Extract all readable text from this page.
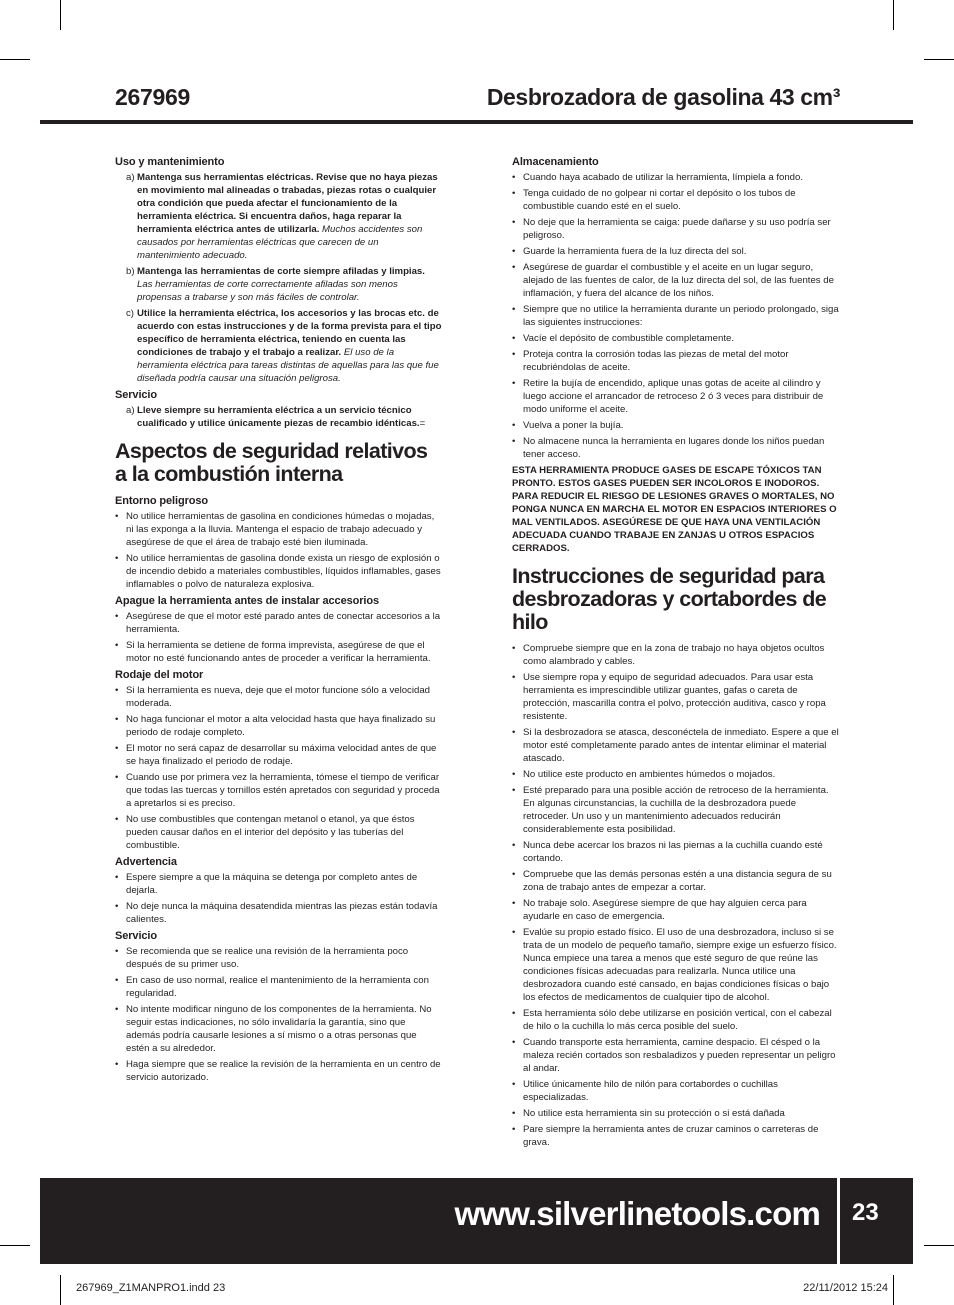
267969	Desbrozadora de gasolina 43 cm³
Uso y mantenimiento
a) Mantenga sus herramientas eléctricas. Revise que no haya piezas en movimiento mal alineadas o trabadas, piezas rotas o cualquier otra condición que pueda afectar el funcionamiento de la herramienta eléctrica. Si encuentra daños, haga reparar la herramienta eléctrica antes de utilizarla. Muchos accidentes son causados por herramientas eléctricas que carecen de un mantenimiento adecuado.
b) Mantenga las herramientas de corte siempre afiladas y limpias. Las herramientas de corte correctamente afiladas son menos propensas a trabarse y son más fáciles de controlar.
c) Utilice la herramienta eléctrica, los accesorios y las brocas etc. de acuerdo con estas instrucciones y de la forma prevista para el tipo específico de herramienta eléctrica, teniendo en cuenta las condiciones de trabajo y el trabajo a realizar. El uso de la herramienta eléctrica para tareas distintas de aquellas para las que fue diseñada podría causar una situación peligrosa.
Servicio
a) Lleve siempre su herramienta eléctrica a un servicio técnico cualificado y utilice únicamente piezas de recambio idénticas.=
Aspectos de seguridad relativos a la combustión interna
Entorno peligroso
• No utilice herramientas de gasolina en condiciones húmedas o mojadas, ni las exponga a la lluvia. Mantenga el espacio de trabajo adecuado y asegúrese de que el área de trabajo esté bien iluminada.
• No utilice herramientas de gasolina donde exista un riesgo de explosión o de incendio debido a materiales combustibles, líquidos inflamables, gases inflamables o polvo de naturaleza explosiva.
Apague la herramienta antes de instalar accesorios
• Asegúrese de que el motor esté parado antes de conectar accesorios a la herramienta.
• Si la herramienta se detiene de forma imprevista, asegúrese de que el motor no esté funcionando antes de proceder a verificar la herramienta.
Rodaje del motor
• Si la herramienta es nueva, deje que el motor funcione sólo a velocidad moderada.
• No haga funcionar el motor a alta velocidad hasta que haya finalizado su periodo de rodaje completo.
• El motor no será capaz de desarrollar su máxima velocidad antes de que se haya finalizado el periodo de rodaje.
• Cuando use por primera vez la herramienta, tómese el tiempo de verificar que todas las tuercas y tornillos estén apretados con seguridad y proceda a apretarlos si es preciso.
• No use combustibles que contengan metanol o etanol, ya que éstos pueden causar daños en el interior del depósito y las tuberías del combustible.
Advertencia
• Espere siempre a que la máquina se detenga por completo antes de dejarla.
• No deje nunca la máquina desatendida mientras las piezas están todavía calientes.
Servicio
• Se recomienda que se realice una revisión de la herramienta poco después de su primer uso.
• En caso de uso normal, realice el mantenimiento de la herramienta con regularidad.
• No intente modificar ninguno de los componentes de la herramienta. No seguir estas indicaciones, no sólo invalidaría la garantía, sino que además podría causarle lesiones a sí mismo o a otras personas que estén a su alrededor.
• Haga siempre que se realice la revisión de la herramienta en un centro de servicio autorizado.
Almacenamiento
• Cuando haya acabado de utilizar la herramienta, límpiela a fondo.
• Tenga cuidado de no golpear ni cortar el depósito o los tubos de combustible cuando esté en el suelo.
• No deje que la herramienta se caiga: puede dañarse y su uso podría ser peligroso.
• Guarde la herramienta fuera de la luz directa del sol.
• Asegúrese de guardar el combustible y el aceite en un lugar seguro, alejado de las fuentes de calor, de la luz directa del sol, de las fuentes de inflamación, y fuera del alcance de los niños.
• Siempre que no utilice la herramienta durante un periodo prolongado, siga las siguientes instrucciones:
• Vacíe el depósito de combustible completamente.
• Proteja contra la corrosión todas las piezas de metal del motor recubriéndolas de aceite.
• Retire la bujía de encendido, aplique unas gotas de aceite al cilindro y luego accione el arrancador de retroceso 2 ó 3 veces para distribuir de modo uniforme el aceite.
• Vuelva a poner la bujía.
• No almacene nunca la herramienta en lugares donde los niños puedan tener acceso.
ESTA HERRAMIENTA PRODUCE GASES DE ESCAPE TÓXICOS TAN PRONTO. ESTOS GASES PUEDEN SER INCOLOROS E INODOROS. PARA REDUCIR EL RIESGO DE LESIONES GRAVES O MORTALES, NO PONGA NUNCA EN MARCHA EL MOTOR EN ESPACIOS INTERIORES O MAL VENTILADOS. ASEGÚRESE DE QUE HAYA UNA VENTILACIÓN ADECUADA CUANDO TRABAJE EN ZANJAS U OTROS ESPACIOS CERRADOS.
Instrucciones de seguridad para desbrozadoras y cortabordes de hilo
• Compruebe siempre que en la zona de trabajo no haya objetos ocultos como alambrado y cables.
• Use siempre ropa y equipo de seguridad adecuados. Para usar esta herramienta es imprescindible utilizar guantes, gafas o careta de protección, mascarilla contra el polvo, protección auditiva, casco y ropa resistente.
• Si la desbrozadora se atasca, desconéctela de inmediato. Espere a que el motor esté completamente parado antes de intentar eliminar el material atascado.
• No utilice este producto en ambientes húmedos o mojados.
• Esté preparado para una posible acción de retroceso de la herramienta. En algunas circunstancias, la cuchilla de la desbrozadora puede retroceder. Un uso y un mantenimiento adecuados reducirán considerablemente esta posibilidad.
• Nunca debe acercar los brazos ni las piernas a la cuchilla cuando esté cortando.
• Compruebe que las demás personas estén a una distancia segura de su zona de trabajo antes de empezar a cortar.
• No trabaje solo. Asegúrese siempre de que hay alguien cerca para ayudarle en caso de emergencia.
• Evalúe su propio estado físico. El uso de una desbrozadora, incluso si se trata de un modelo de pequeño tamaño, siempre exige un esfuerzo físico. Nunca empiece una tarea a menos que esté seguro de que reúne las condiciones físicas adecuadas para realizarla. Nunca utilice una desbrozadora cuando esté cansado, en bajas condiciones físicas o bajo los efectos de medicamentos de cualquier tipo de alcohol.
• Esta herramienta sólo debe utilizarse en posición vertical, con el cabezal de hilo o la cuchilla lo más cerca posible del suelo.
• Cuando transporte esta herramienta, camine despacio. El césped o la maleza recién cortados son resbaladizos y pueden representar un peligro al andar.
• Utilice únicamente hilo de nilón para cortabordes o cuchillas especializadas.
• No utilice esta herramienta sin su protección o si está dañada
• Pare siempre la herramienta antes de cruzar caminos o carreteras de grava.
www.silverlinetools.com 23
267969_Z1MANPRO1.indd 23	22/11/2012 15:24
